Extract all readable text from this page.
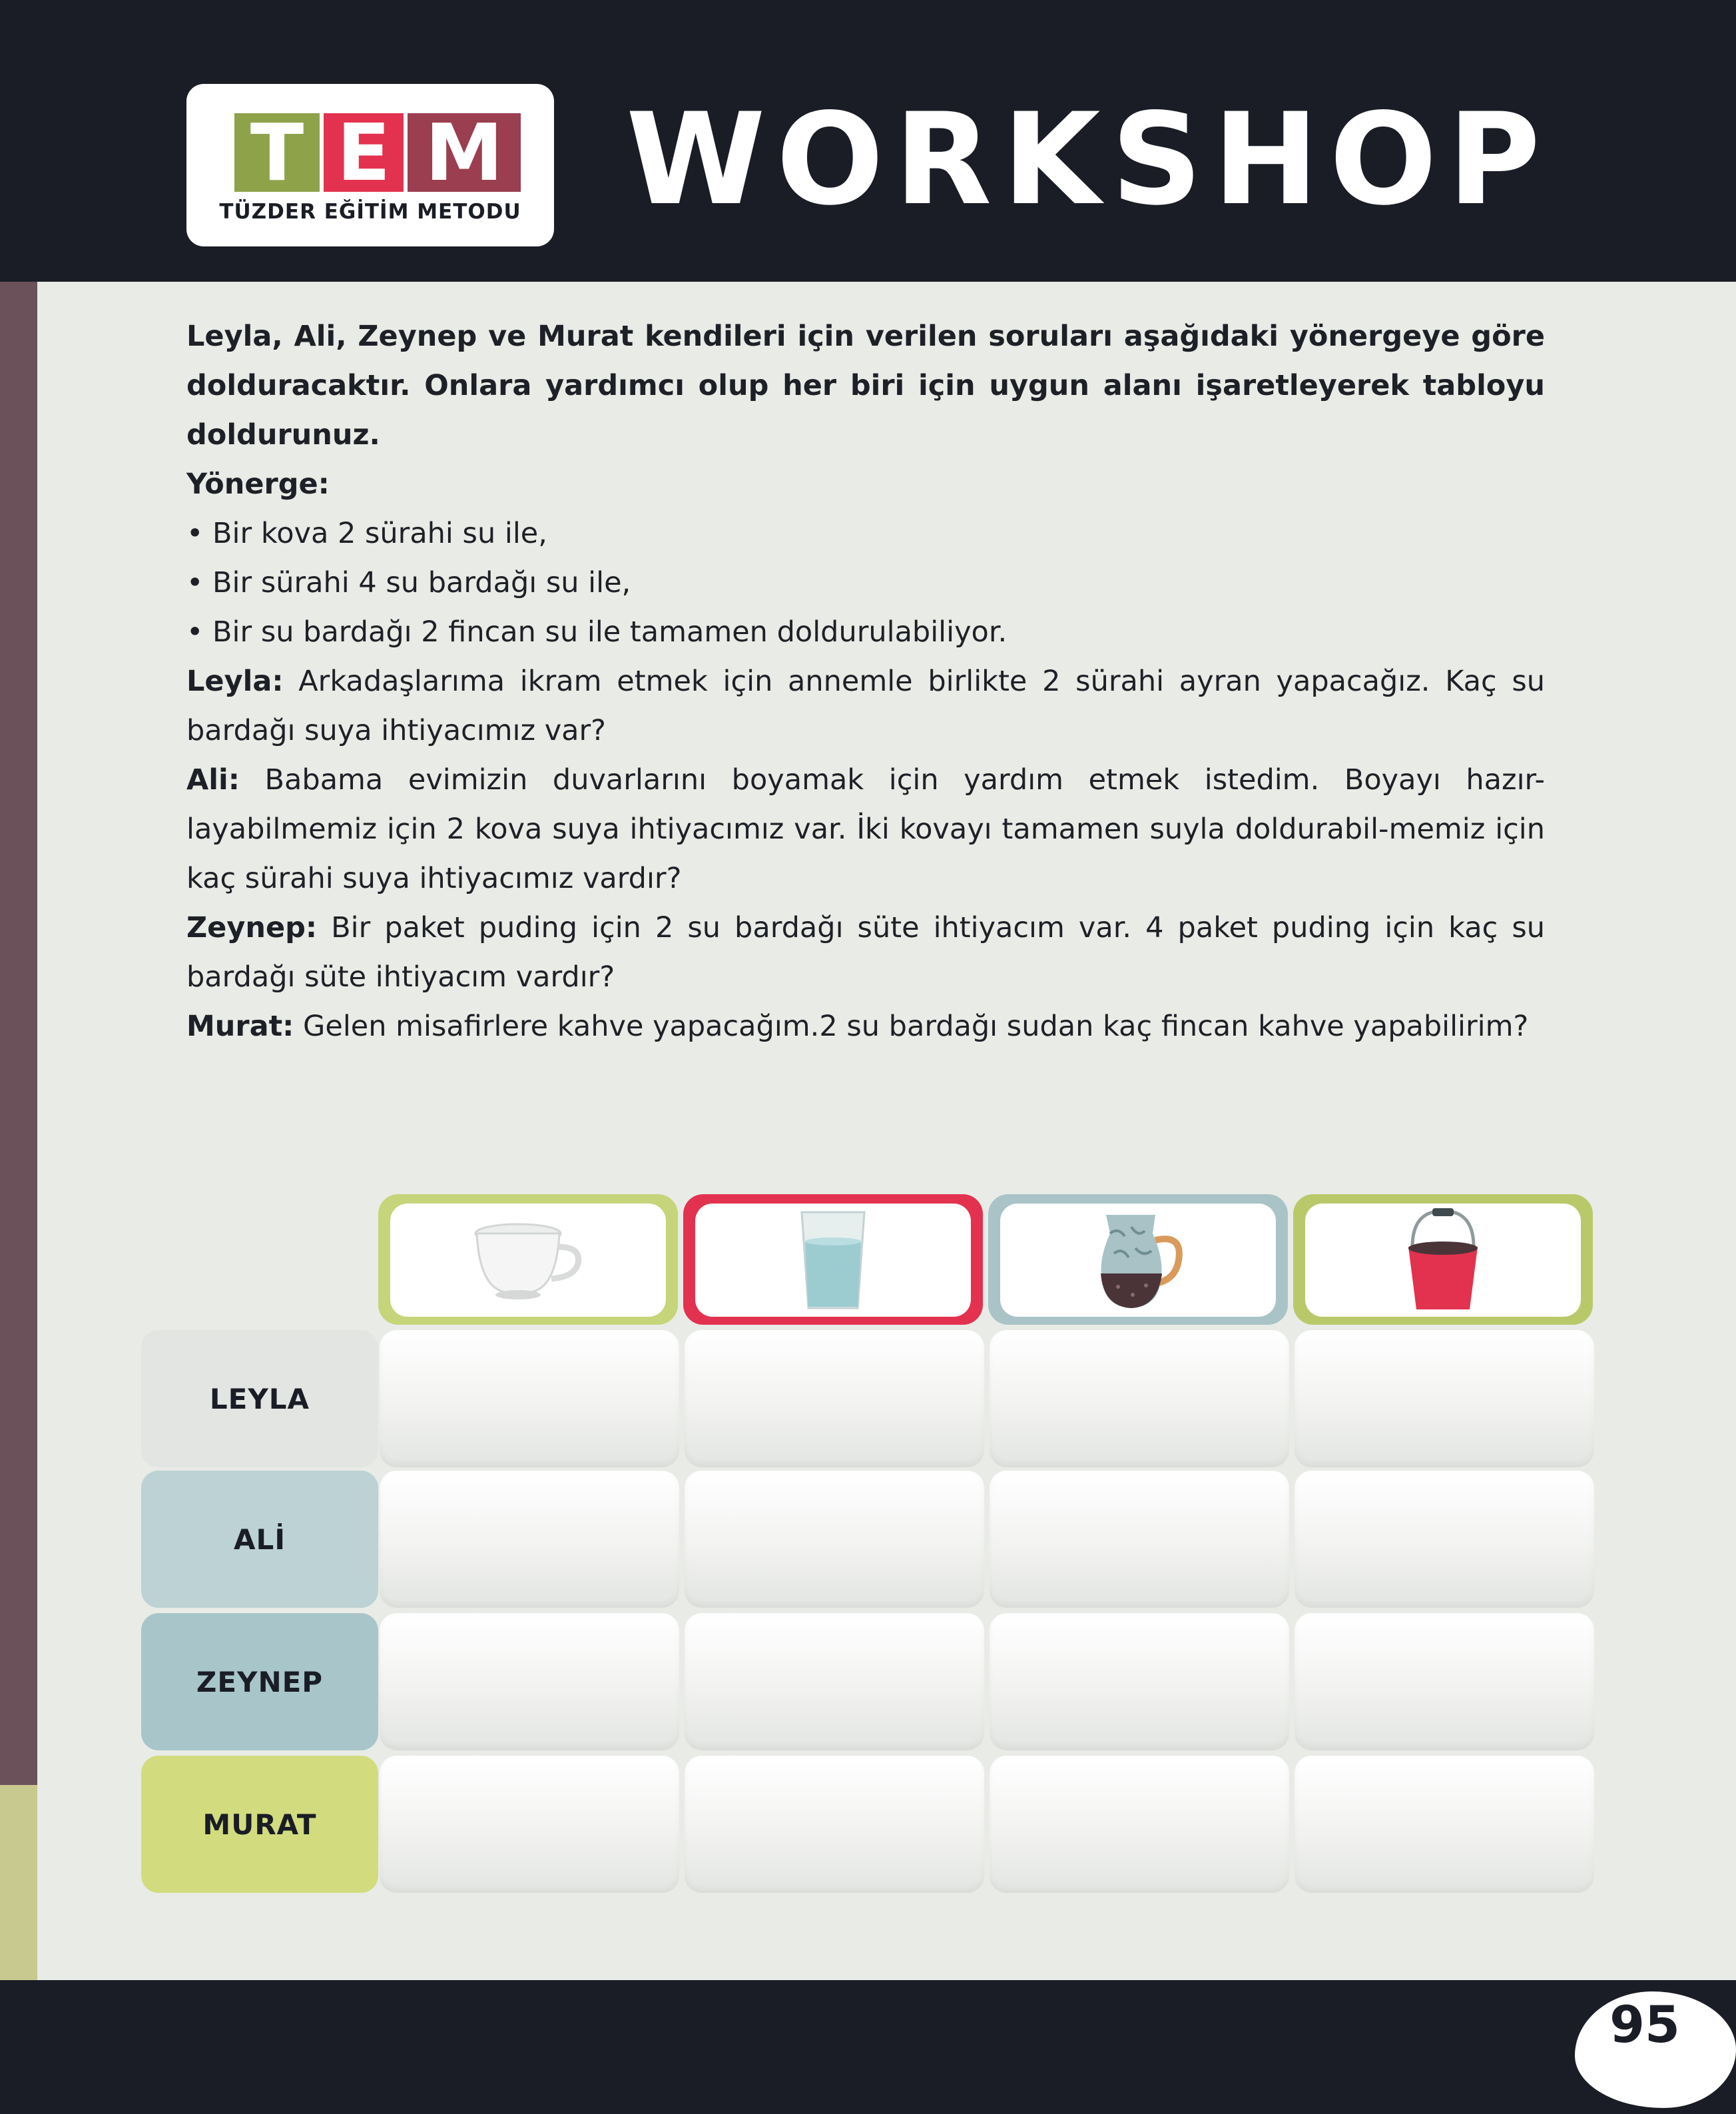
T E M
TÜZDER EĞİTİM METODU WORKSHOP

Leyla, Ali, Zeynep ve Murat kendileri için verilen soruları aşağıdaki yönergeye göre dolduracaktır. Onlara yardımcı olup her biri için uygun alanı işaretleyerek tabloyu doldurunuz.

Yönerge:

• Bir kova 2 sürahi su ile,

• Bir sürahi 4 su bardağı su ile,

• Bir su bardağı 2 fincan su ile tamamen doldurulabiliyor.

Leyla: Arkadaşlarıma ikram etmek için annemle birlikte 2 sürahi ayran yapacağız. Kaç su bardağı suya ihtiyacımız var?

Ali: Babama evimizin duvarlarını boyamak için yardım etmek istedim. Boyayı hazır-layabilmemiz için 2 kova suya ihtiyacımız var. İki kovayı tamamen suyla doldurabil-memiz için kaç sürahi suya ihtiyacımız vardır?

Zeynep: Bir paket puding için 2 su bardağı süte ihtiyacım var. 4 paket puding için kaç su bardağı süte ihtiyacım vardır?

Murat: Gelen misafirlere kahve yapacağım.2 su bardağı sudan kaç fincan kahve yapabilirim?

LEYLA
ALİ
ZEYNEP
MURAT
95
